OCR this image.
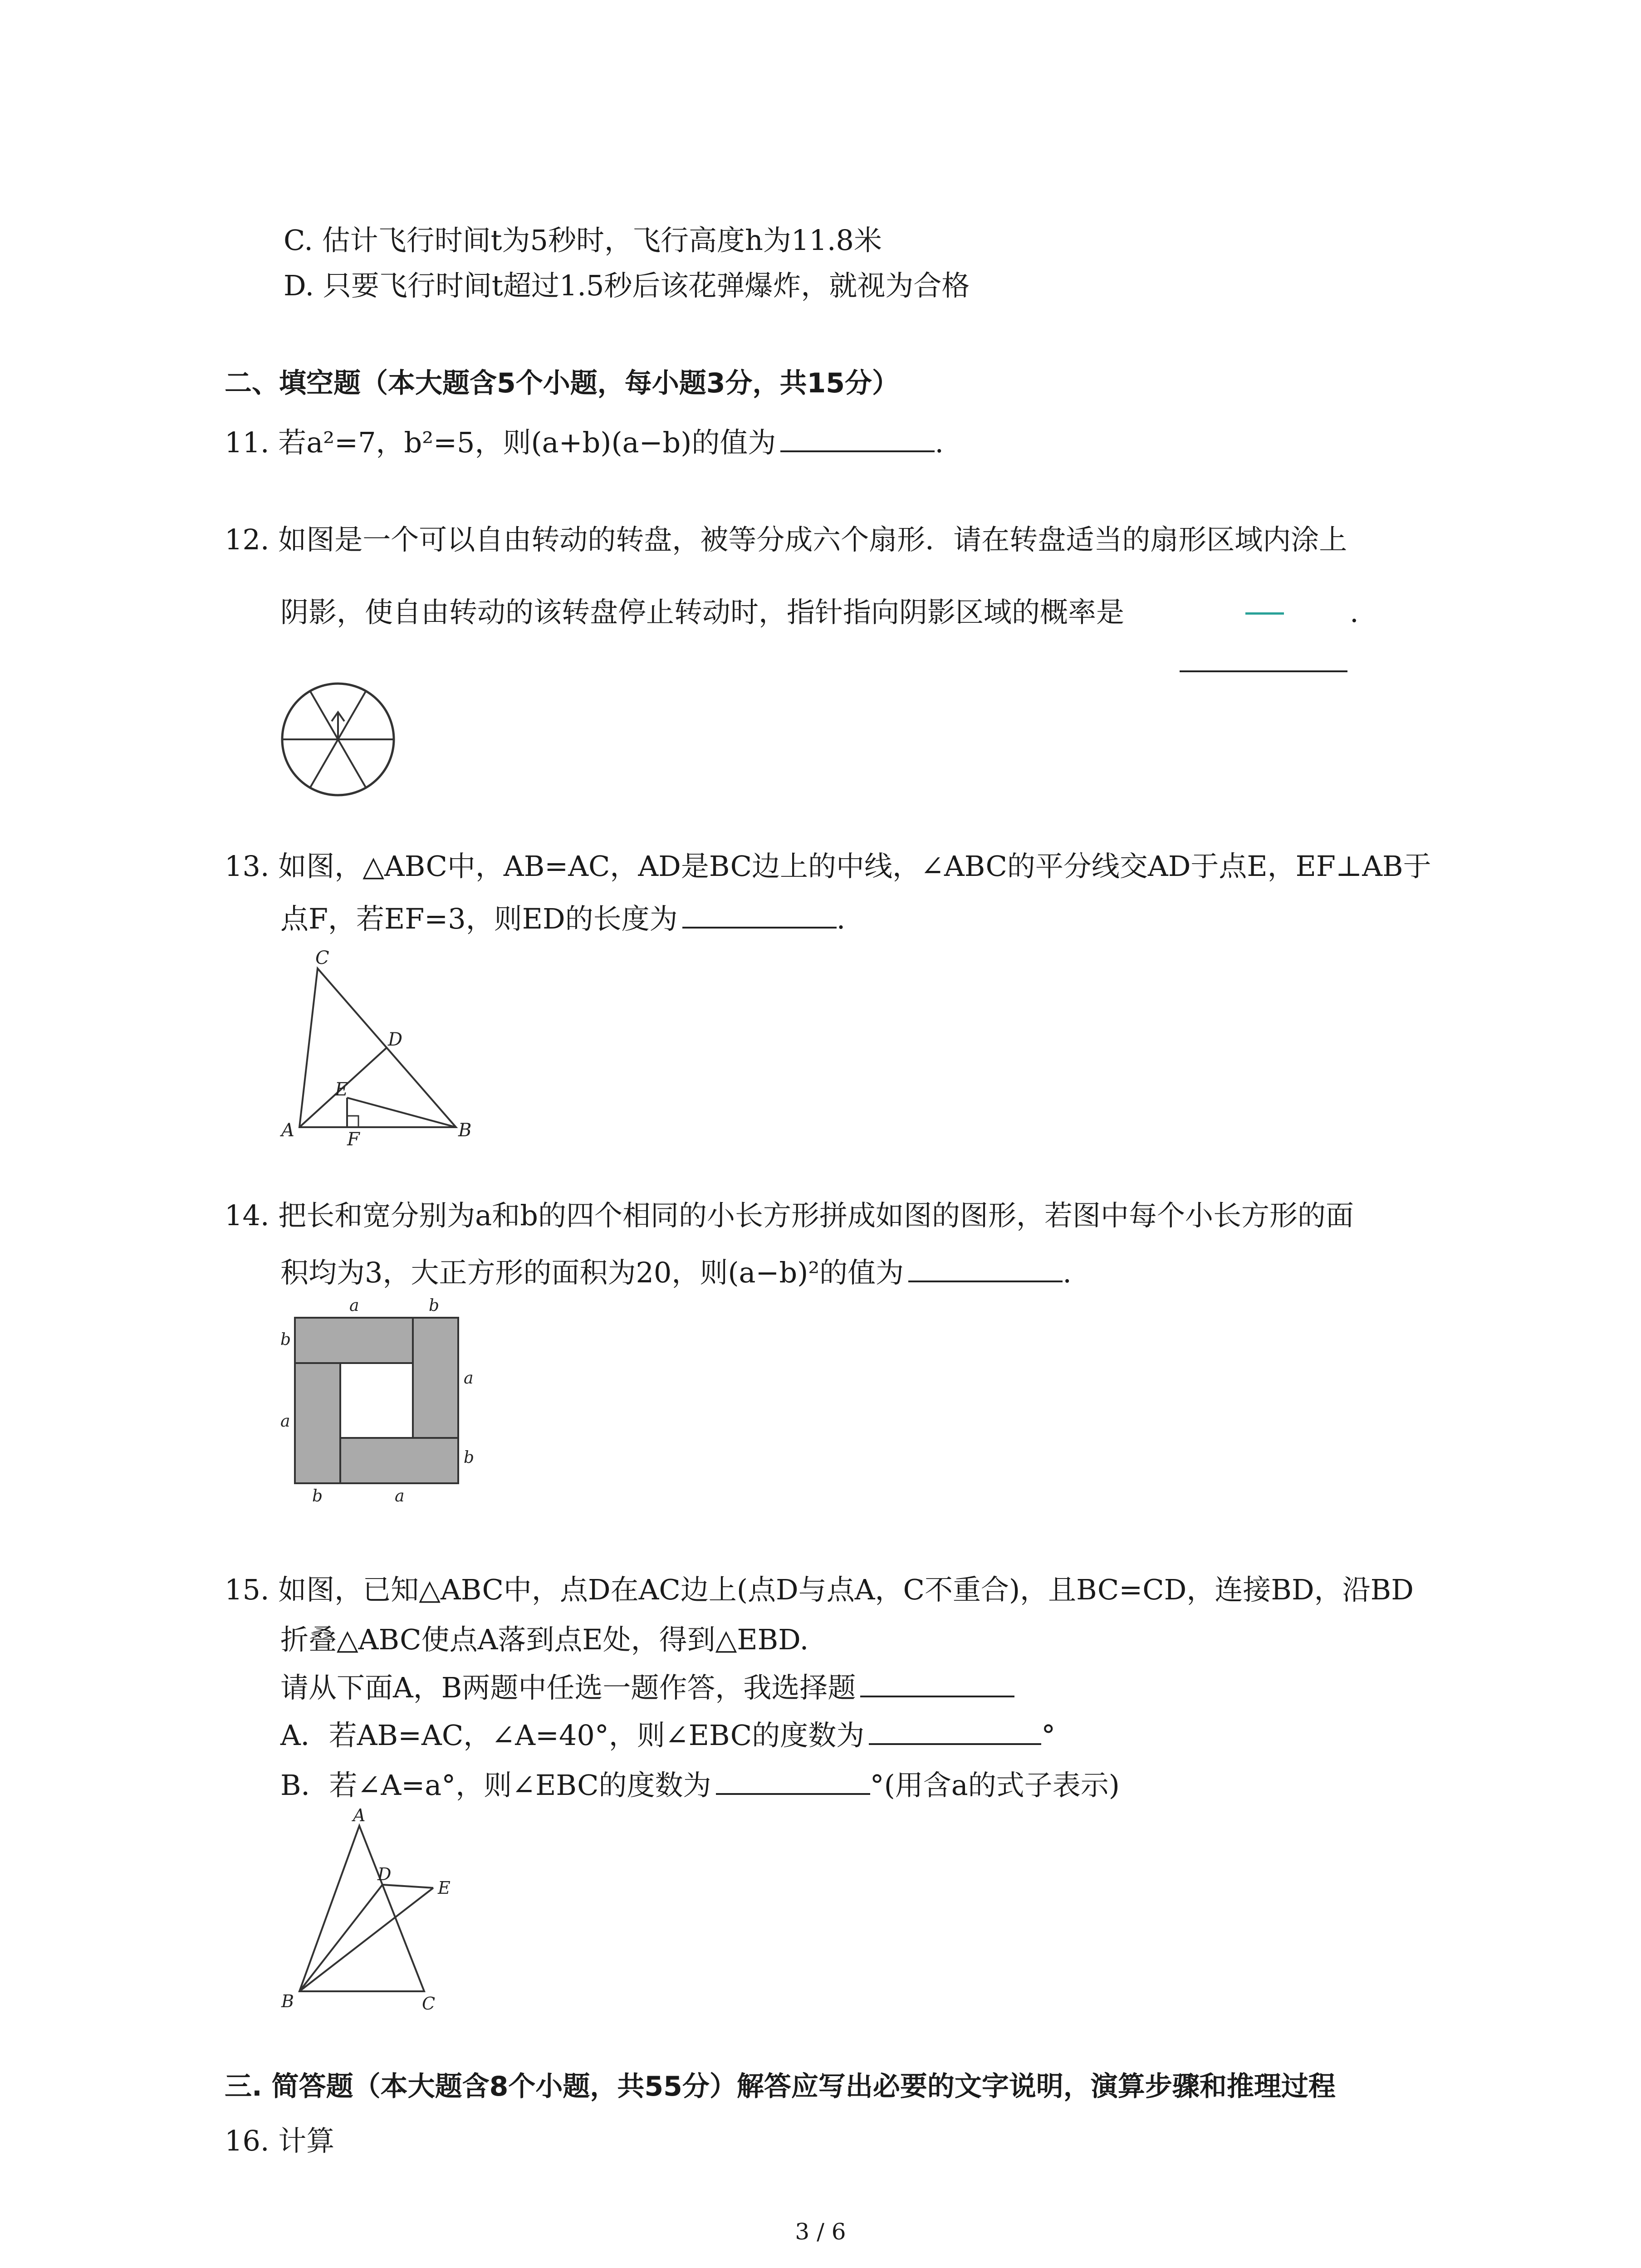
C. 估计飞行时间t为5秒时，飞行高度h为11.8米
D. 只要飞行时间t超过1.5秒后该花弹爆炸，就视为合格
二、填空题（本大题含5个小题，每小题3分，共15分）
11. 若a²=7，b²=5，则(a+b)(a−b)的值为	.
12. 如图是一个可以自由转动的转盘，被等分成六个扇形．请在转盘适当的扇形区域内涂上
阴影，使自由转动的该转盘停止转动时，指针指向阴影区域的概率是	.
13. 如图，△ABC中，AB=AC，AD是BC边上的中线，∠ABC的平分线交AD于点E，EF⊥AB于
点F，若EF=3，则ED的长度为	.
C
D
E
A	F	B
14. 把长和宽分别为a和b的四个相同的小长方形拼成如图的图形，若图中每个小长方形的面
积均为3，大正方形的面积为20，则(a−b)²的值为	.
a	b
b
a
a
b
b	a
15. 如图，已知△ABC中，点D在AC边上(点D与点A，C不重合)，且BC=CD，连接BD，沿BD
折叠△ABC使点A落到点E处，得到△EBD.
请从下面A，B两题中任选一题作答，我选择题
A．若AB=AC，∠A=40°，则∠EBC的度数为	°
B．若∠A=a°，则∠EBC的度数为	°(用含a的式子表示)
A
D
E
B	C
三. 简答题（本大题含8个小题，共55分）解答应写出必要的文字说明，演算步骤和推理过程
16. 计算
3 / 6
